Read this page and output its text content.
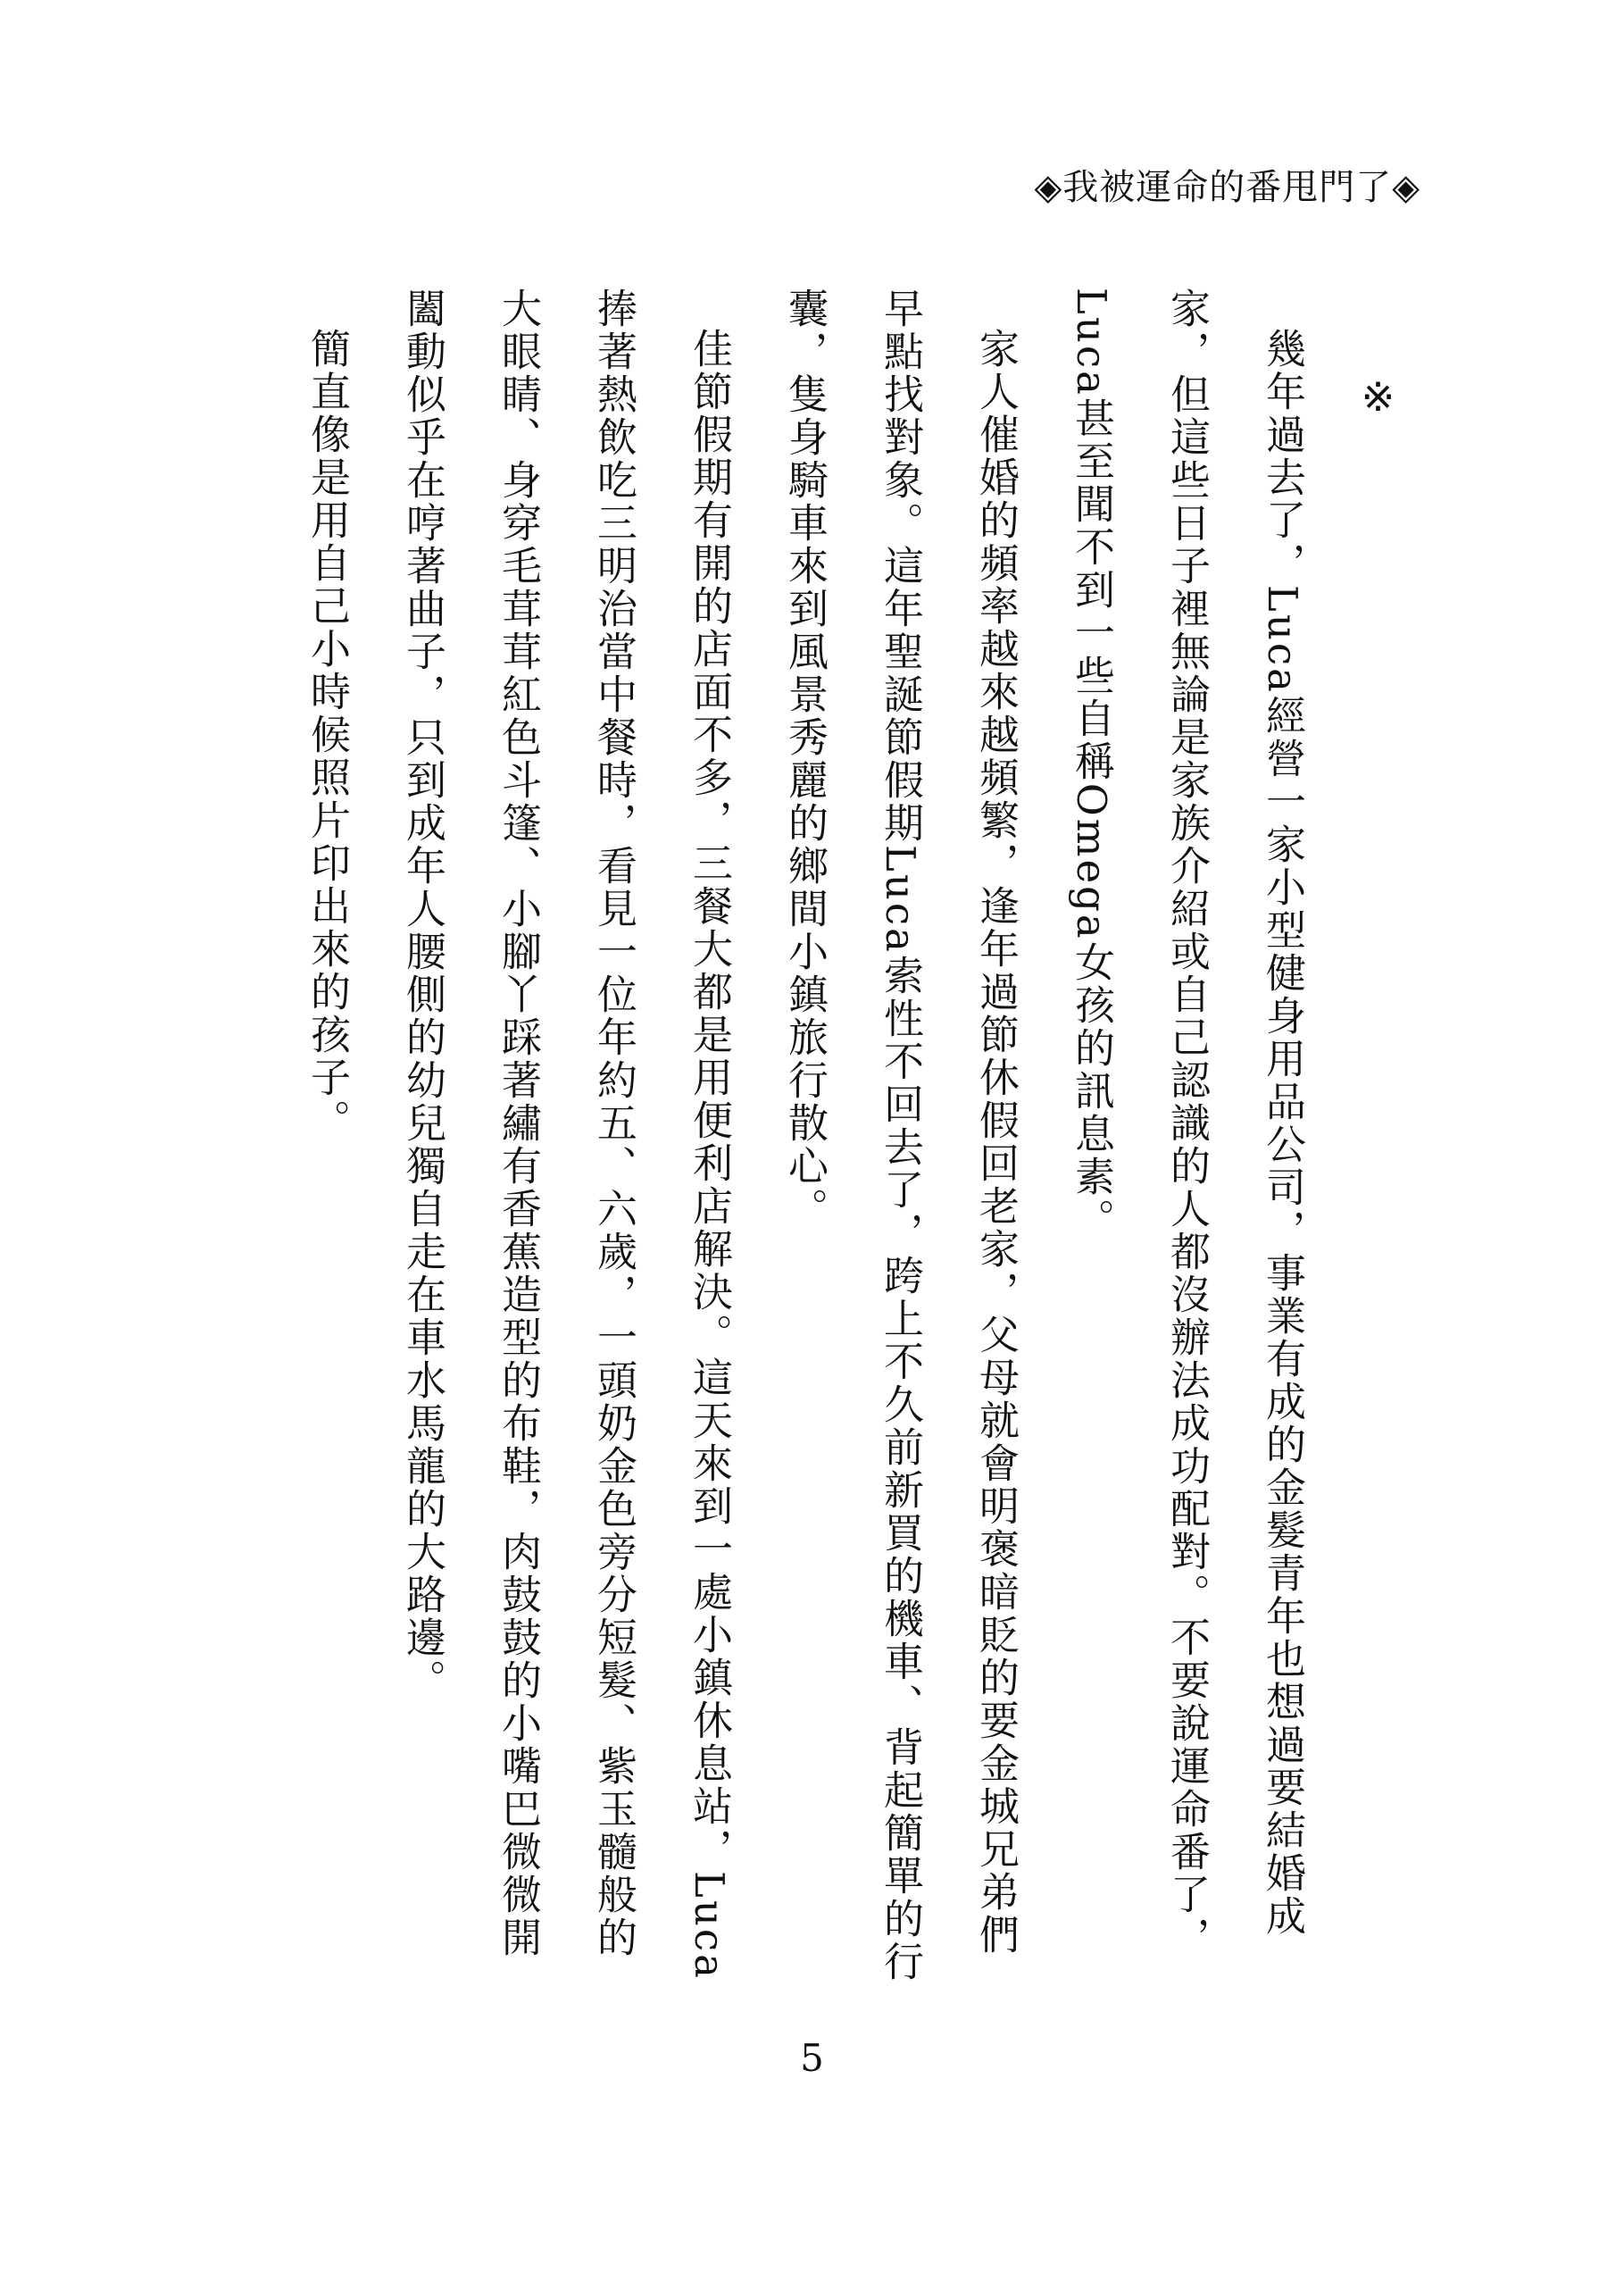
◈我被運命的番甩門了◈

※

幾年過去了，Luca經營一家小型健身用品公司，事業有成的金髮青年也想過要結婚成家，但這些日子裡無論是家族介紹或自己認識的人都沒辦法成功配對。不要說運命番了，Luca甚至聞不到一些自稱Omega女孩的訊息素。

家人催婚的頻率越來越頻繁，逢年過節休假回老家，父母就會明褒暗貶的要金城兄弟們早點找對象。這年聖誕節假期Luca索性不回去了，跨上不久前新買的機車、背起簡單的行囊，隻身騎車來到風景秀麗的鄉間小鎮旅行散心。

佳節假期有開的店面不多，三餐大都是用便利店解決。這天來到一處小鎮休息站，Luca捧著熱飲吃三明治當中餐時，看見一位年約五、六歲，一頭奶金色旁分短髮、紫玉髓般的大眼睛、身穿毛茸茸紅色斗篷、小腳丫踩著繡有香蕉造型的布鞋，肉鼓鼓的小嘴巴微微開闔動似乎在哼著曲子，只到成年人腰側的幼兒獨自走在車水馬龍的大路邊。

簡直像是用自己小時候照片印出來的孩子。

5
